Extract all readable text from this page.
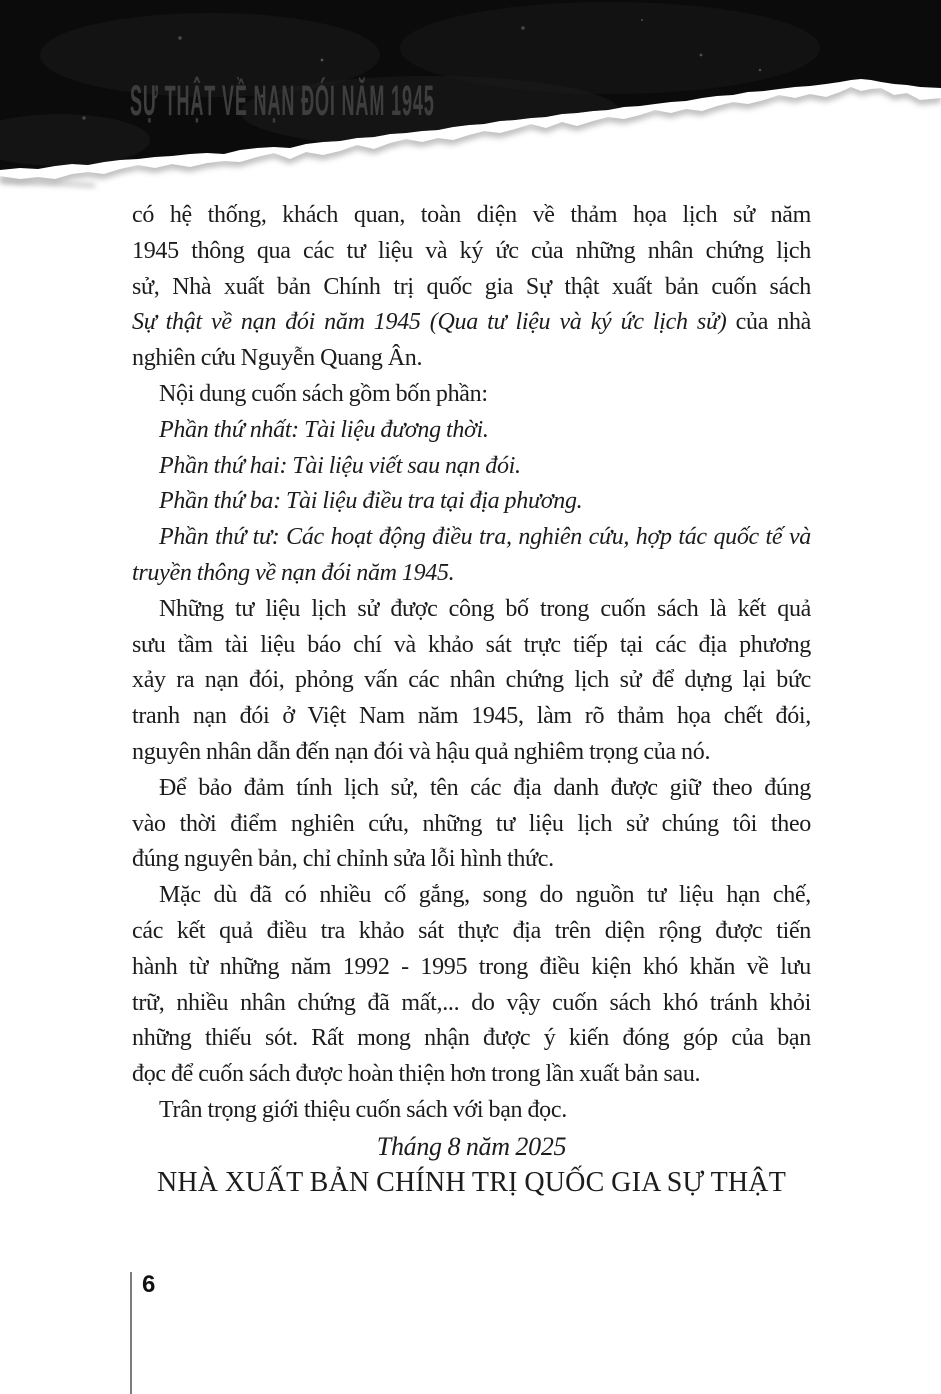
SỰ THẬT VỀ NẠN ĐÓI NĂM 1945
có hệ thống, khách quan, toàn diện về thảm họa lịch sử năm
1945 thông qua các tư liệu và ký ức của những nhân chứng lịch
sử, Nhà xuất bản Chính trị quốc gia Sự thật xuất bản cuốn sách
Sự thật về nạn đói năm 1945 (Qua tư liệu và ký ức lịch sử) của nhà
nghiên cứu Nguyễn Quang Ân.
Nội dung cuốn sách gồm bốn phần:
Phần thứ nhất: Tài liệu đương thời.
Phần thứ hai: Tài liệu viết sau nạn đói.
Phần thứ ba: Tài liệu điều tra tại địa phương.
Phần thứ tư: Các hoạt động điều tra, nghiên cứu, hợp tác quốc tế và
truyền thông về nạn đói năm 1945.
Những tư liệu lịch sử được công bố trong cuốn sách là kết quả
sưu tầm tài liệu báo chí và khảo sát trực tiếp tại các địa phương
xảy ra nạn đói, phỏng vấn các nhân chứng lịch sử để dựng lại bức
tranh nạn đói ở Việt Nam năm 1945, làm rõ thảm họa chết đói,
nguyên nhân dẫn đến nạn đói và hậu quả nghiêm trọng của nó.
Để bảo đảm tính lịch sử, tên các địa danh được giữ theo đúng
vào thời điểm nghiên cứu, những tư liệu lịch sử chúng tôi theo
đúng nguyên bản, chỉ chỉnh sửa lỗi hình thức.
Mặc dù đã có nhiều cố gắng, song do nguồn tư liệu hạn chế,
các kết quả điều tra khảo sát thực địa trên diện rộng được tiến
hành từ những năm 1992 - 1995 trong điều kiện khó khăn về lưu
trữ, nhiều nhân chứng đã mất,... do vậy cuốn sách khó tránh khỏi
những thiếu sót. Rất mong nhận được ý kiến đóng góp của bạn
đọc để cuốn sách được hoàn thiện hơn trong lần xuất bản sau.
Trân trọng giới thiệu cuốn sách với bạn đọc.
Tháng 8 năm 2025
NHÀ XUẤT BẢN CHÍNH TRỊ QUỐC GIA SỰ THẬT
6
